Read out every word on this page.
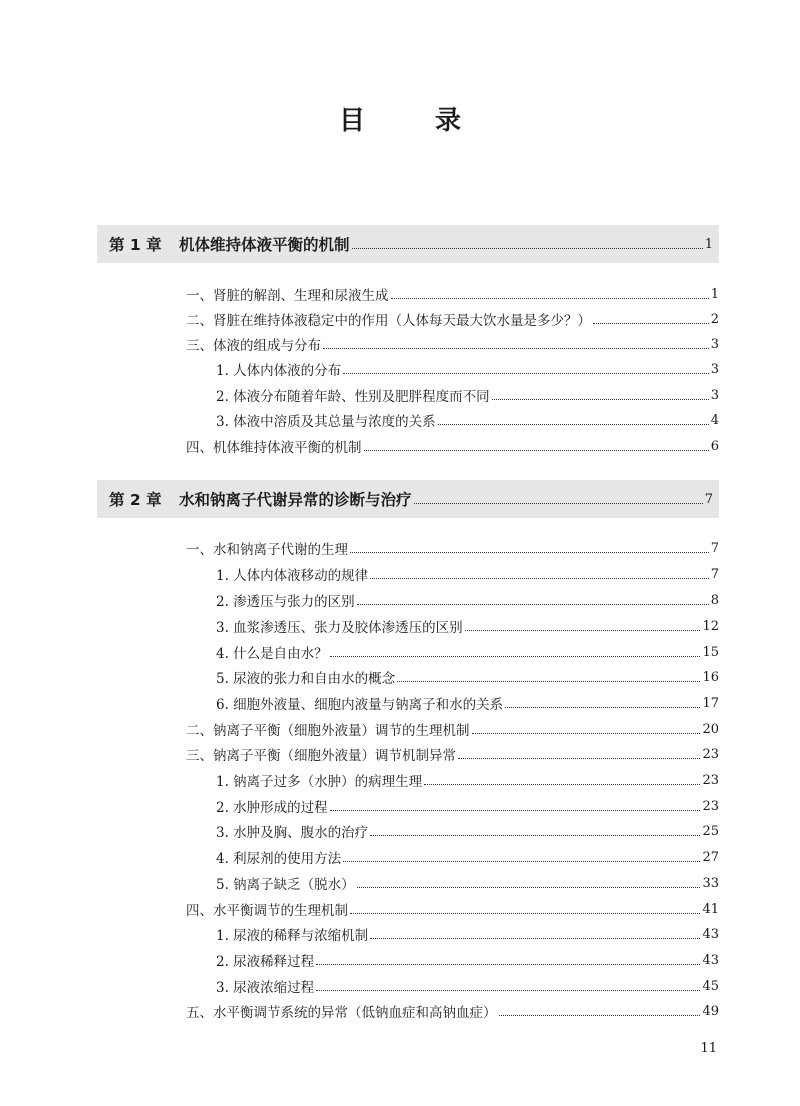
目　录
第 1 章	机体维持体液平衡的机制	1
一、肾脏的解剖、生理和尿液生成	1
二、肾脏在维持体液稳定中的作用（人体每天最大饮水量是多少？）	2
三、体液的组成与分布	3
1. 人体内体液的分布	3
2. 体液分布随着年龄、性别及肥胖程度而不同	3
3. 体液中溶质及其总量与浓度的关系	4
四、机体维持体液平衡的机制	6
第 2 章	水和钠离子代谢异常的诊断与治疗	7
一、水和钠离子代谢的生理	7
1. 人体内体液移动的规律	7
2. 渗透压与张力的区别	8
3. 血浆渗透压、张力及胶体渗透压的区别	12
4. 什么是自由水？	15
5. 尿液的张力和自由水的概念	16
6. 细胞外液量、细胞内液量与钠离子和水的关系	17
二、钠离子平衡（细胞外液量）调节的生理机制	20
三、钠离子平衡（细胞外液量）调节机制异常	23
1. 钠离子过多（水肿）的病理生理	23
2. 水肿形成的过程	23
3. 水肿及胸、腹水的治疗	25
4. 利尿剂的使用方法	27
5. 钠离子缺乏（脱水）	33
四、水平衡调节的生理机制	41
1. 尿液的稀释与浓缩机制	43
2. 尿液稀释过程	43
3. 尿液浓缩过程	45
五、水平衡调节系统的异常（低钠血症和高钠血症）	49
11
